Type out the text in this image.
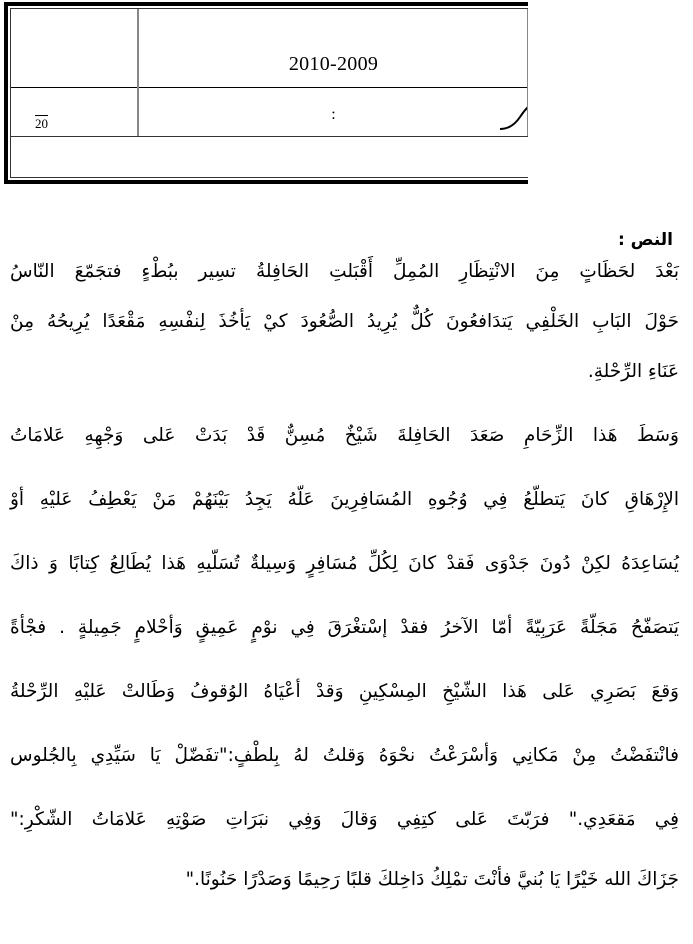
2010-2009
20
:
النص :

بَعْدَ لحَظَاتٍ مِنَ الانْتِظَارِ المُمِلِّ أَقْبَلتِ الحَافِلةُ تسِير ببُطْءٍ فتجَمّعَ النّاسُ

حَوْلَ البَابِ الخَلْفِي يَتدَافعُونَ كُلٌّ يُرِيدُ الصُّعُودَ كيْ يَأخُذَ لِنفْسِهِ مَقْعَدًا يُرِيحُهُ مِنْ

عَنَاءِ الرِّحْلةِ.

وَسَطَ هَذا الزِّحَامِ صَعَدَ الحَافِلةَ شَيْخٌ مُسِنٌّ قَدْ بَدَتْ عَلى وَجْهِهِ عَلامَاتُ

الإِرْهَاقِ كانَ يَتطلّعُ فِي وُجُوهِ المُسَافِرِينَ عَلّهُ يَجِدُ بَيْنَهُمْ مَنْ يَعْطِفُ عَليْهِ أوْ

يُسَاعِدَهُ لكِنْ دُونَ جَدْوَى فَقدْ كانَ لِكُلِّ مُسَافِرٍ وَسِيلةٌ تُسَلّيهِ هَذا يُطَالِعُ كِتابًا وَ ذاكَ

يَتصَفّحُ مَجَلّةً عَرَبِيّةً أمّا الآخرُ فقدْ إسْتغْرَقَ فِي نوْمٍ عَمِيقٍ وَأحْلامٍ جَمِيلةٍ . فجْأةً

وَقعَ بَصَرِي عَلى هَذا الشّيْخِ المِسْكِينِ وَقدْ أعْيَاهُ الوُقوفُ وَطَالتْ عَليْهِ الرِّحْلةُ

فانْتفَضْتُ مِنْ مَكانِي وَأسْرَعْتُ نحْوَهُ وَقلتُ لهُ بِلطْفٍ:"تفَضّلْ يَا سَيِّدِي بِالجُلوس

فِي مَقعَدِي." فرَبّتَ عَلى كتِفِي وَقالَ وَفِي نبَرَاتِ صَوْتِهِ عَلامَاتُ الشّكْرِ:"

جَزَاكَ الله خَيْرًا يَا بُنيَّ فأنْتَ تمْلِكُ دَاخِلكَ قلبًا رَحِيمًا وَصَدْرًا حَنُونًا."
